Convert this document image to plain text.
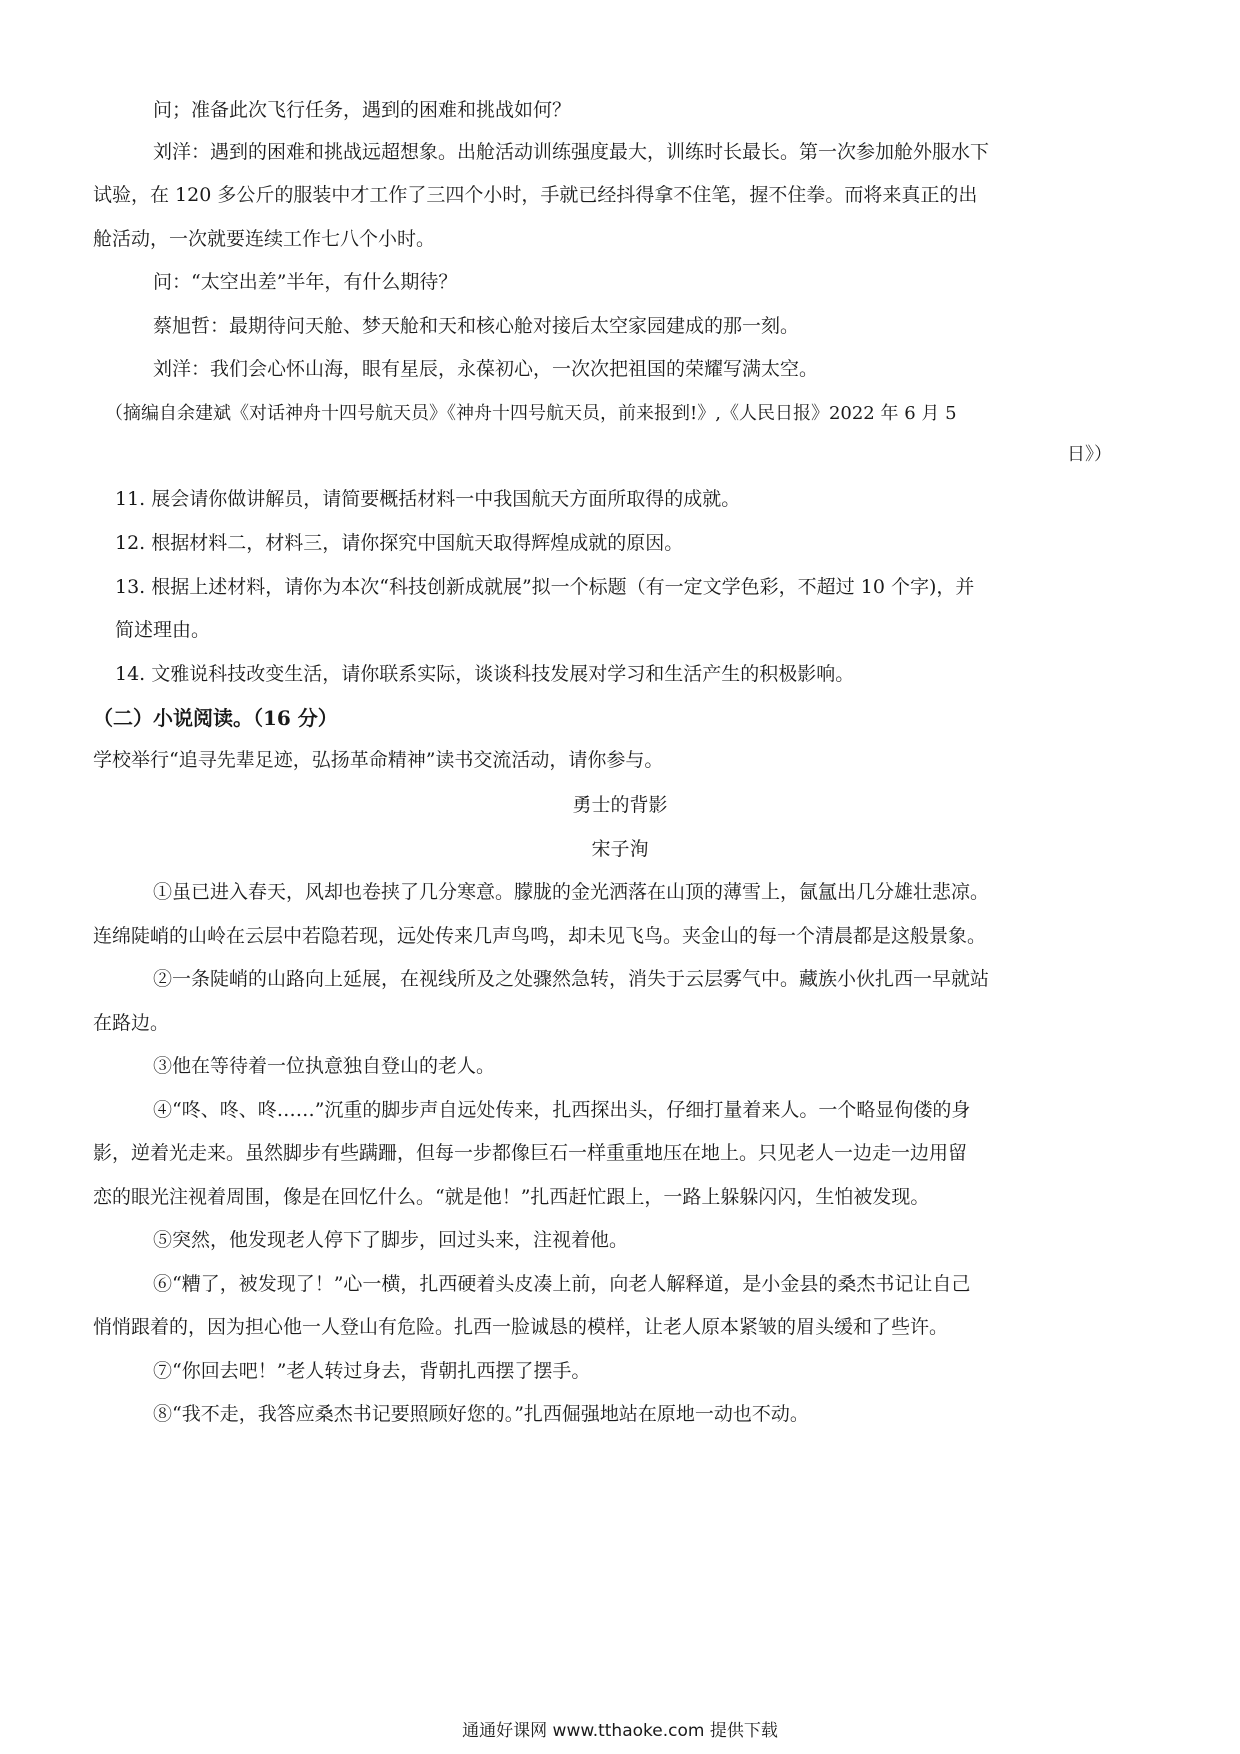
问；准备此次飞行任务，遇到的困难和挑战如何？
刘洋：遇到的困难和挑战远超想象。出舱活动训练强度最大，训练时长最长。第一次参加舱外服水下
试验，在 120 多公斤的服装中才工作了三四个小时，手就已经抖得拿不住笔，握不住拳。而将来真正的出
舱活动，一次就要连续工作七八个小时。
问：“太空出差”半年，有什么期待？
蔡旭哲：最期待问天舱、梦天舱和天和核心舱对接后太空家园建成的那一刻。
刘洋：我们会心怀山海，眼有星辰，永葆初心，一次次把祖国的荣耀写满太空。
（摘编自余建斌《对话神舟十四号航天员》《神舟十四号航天员，前来报到!》,《人民日报》2022 年 6 月 5
日》）
11. 展会请你做讲解员，请简要概括材料一中我国航天方面所取得的成就。
12. 根据材料二，材料三，请你探究中国航天取得辉煌成就的原因。
13. 根据上述材料，请你为本次“科技创新成就展”拟一个标题（有一定文学色彩，不超过 10 个字)，并
简述理由。
14. 文雅说科技改变生活，请你联系实际，谈谈科技发展对学习和生活产生的积极影响。
（二）小说阅读。（16 分）
学校举行“追寻先辈足迹，弘扬革命精神”读书交流活动，请你参与。
勇士的背影
宋子洵
①虽已进入春天，风却也卷挟了几分寒意。朦胧的金光洒落在山顶的薄雪上，氤氲出几分雄壮悲凉。
连绵陡峭的山岭在云层中若隐若现，远处传来几声鸟鸣，却未见飞鸟。夹金山的每一个清晨都是这般景象。
②一条陡峭的山路向上延展，在视线所及之处骤然急转，消失于云层雾气中。藏族小伙扎西一早就站
在路边。
③他在等待着一位执意独自登山的老人。
④“咚、咚、咚……”沉重的脚步声自远处传来，扎西探出头，仔细打量着来人。一个略显佝偻的身
影，逆着光走来。虽然脚步有些蹒跚，但每一步都像巨石一样重重地压在地上。只见老人一边走一边用留
恋的眼光注视着周围，像是在回忆什么。“就是他！”扎西赶忙跟上，一路上躲躲闪闪，生怕被发现。
⑤突然，他发现老人停下了脚步，回过头来，注视着他。
⑥“糟了，被发现了！”心一横，扎西硬着头皮凑上前，向老人解释道，是小金县的桑杰书记让自己
悄悄跟着的，因为担心他一人登山有危险。扎西一脸诚恳的模样，让老人原本紧皱的眉头缓和了些许。
⑦“你回去吧！”老人转过身去，背朝扎西摆了摆手。
⑧“我不走，我答应桑杰书记要照顾好您的。”扎西倔强地站在原地一动也不动。
通通好课网 www.tthaoke.com 提供下载
